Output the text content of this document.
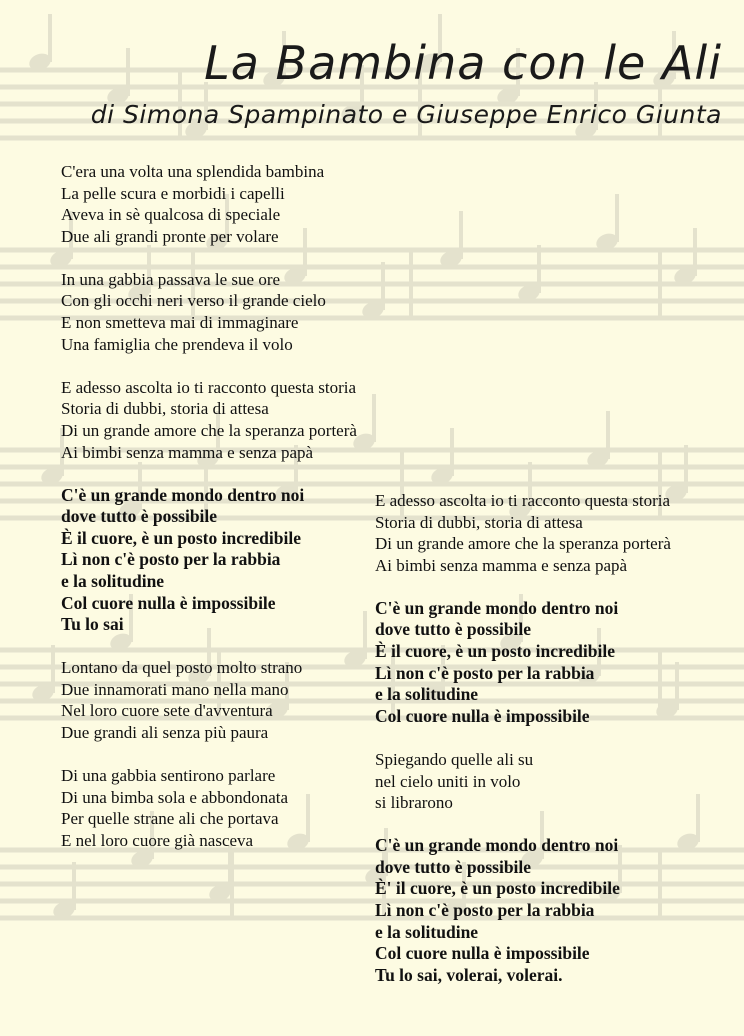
La Bambina con le Ali
di Simona Spampinato e Giuseppe Enrico Giunta
C'era una volta una splendida bambina
La pelle scura e morbidi i capelli
Aveva in sè qualcosa di speciale
Due ali grandi pronte per volare
In una gabbia passava le sue ore
Con gli occhi neri verso il grande cielo
E non smetteva mai di immaginare
Una famiglia che prendeva il volo
E adesso ascolta io ti racconto questa storia
Storia di dubbi, storia di attesa
Di un grande amore che la speranza porterà
Ai bimbi senza mamma e senza papà
C'è un grande mondo dentro noi
dove tutto è possibile
È il cuore, è un posto incredibile
Lì non c'è posto per la rabbia
e la solitudine
Col cuore nulla è impossibile
Tu lo sai
Lontano da quel posto molto strano
Due innamorati mano nella mano
Nel loro cuore sete d'avventura
Due grandi ali senza più paura
Di una gabbia sentirono parlare
Di una bimba sola e abbondonata
Per quelle strane ali che portava
E nel loro cuore già nasceva
E adesso ascolta io ti racconto questa storia
Storia di dubbi, storia di attesa
Di un grande amore che la speranza porterà
Ai bimbi senza mamma e senza papà
C'è un grande mondo dentro noi
dove tutto è possibile
È il cuore, è un posto incredibile
Lì non c'è posto per la rabbia
e la solitudine
Col cuore nulla è impossibile
Spiegando quelle ali su
nel cielo uniti in volo
si librarono
C'è un grande mondo dentro noi
dove tutto è possibile
È' il cuore, è un posto incredibile
Lì non c'è posto per la rabbia
e la solitudine
Col cuore nulla è impossibile
Tu lo sai, volerai, volerai.
